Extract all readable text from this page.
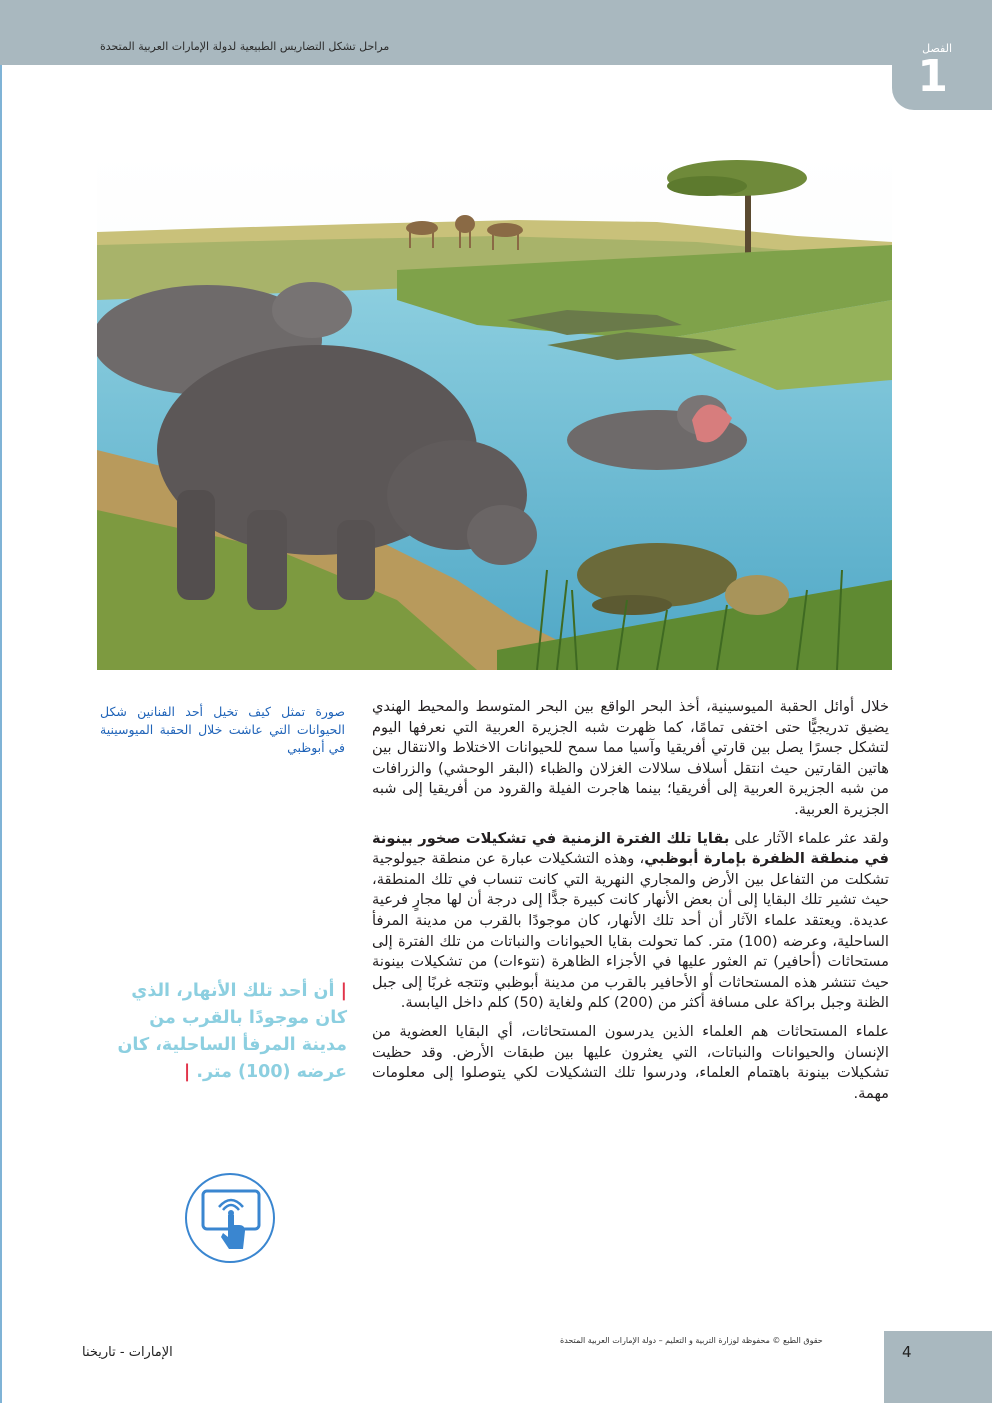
مراحل تشكل التضاريس الطبيعية لدولة الإمارات العربية المتحدة	الفصل
1
صورة تمثل كيف تخيل أحد الفنانين شكل الحيوانات التي عاشت خلال الحقبة الميوسينية في أبوظبي

خلال أوائل الحقبة الميوسينية، أخذ البحر الواقع بين البحر المتوسط والمحيط الهندي يضيق تدريجيًّا حتى اختفى تمامًا، كما ظهرت شبه الجزيرة العربية التي نعرفها اليوم لتشكل جسرًا يصل بين قارتي أفريقيا وآسيا مما سمح للحيوانات الاختلاط والانتقال بين هاتين القارتين حيث انتقل أسلاف سلالات الغزلان والظباء (البقر الوحشي) والزرافات من شبه الجزيرة العربية إلى أفريقيا؛ بينما هاجرت الفيلة والقرود من أفريقيا إلى شبه الجزيرة العربية.

ولقد عثر علماء الآثار على بقايا تلك الفترة الزمنية في تشكيلات صخور بينونة في منطقة الظفرة بإمارة أبوظبي، وهذه التشكيلات عبارة عن منطقة جيولوجية تشكلت من التفاعل بين الأرض والمجاري النهرية التي كانت تنساب في تلك المنطقة، حيث تشير تلك البقايا إلى أن بعض الأنهار كانت كبيرة جدًّا إلى درجة أن لها مجارٍ فرعية عديدة. ويعتقد علماء الآثار أن أحد تلك الأنهار، كان موجودًا بالقرب من مدينة المرفأ الساحلية، وعرضه (100) متر. كما تحولت بقايا الحيوانات والنباتات من تلك الفترة إلى مستحاثات (أحافير) تم العثور عليها في الأجزاء الظاهرة (نتوءات) من تشكيلات بينونة حيث تنتشر هذه المستحاثات أو الأحافير بالقرب من مدينة أبوظبي وتتجه غربًا إلى جبل الظنة وجبل براكة على مسافة أكثر من (200) كلم ولغاية (50) كلم داخل اليابسة.

علماء المستحاثات هم العلماء الذين يدرسون المستحاثات، أي البقايا العضوية من الإنسان والحيوانات والنباتات، التي يعثرون عليها بين طبقات الأرض. وقد حظيت تشكيلات بينونة باهتمام العلماء، ودرسوا تلك التشكيلات لكي يتوصلوا إلى معلومات مهمة.

| أن أحد تلك الأنهار، الذي كان موجودًا بالقرب من مدينة المرفأ الساحلية، كان عرضه (100) متر. |
حقوق الطبع © محفوظة لوزارة التربية و التعليم – دولة الإمارات العربية المتحدة
الإمارات - تاريخنا	4
